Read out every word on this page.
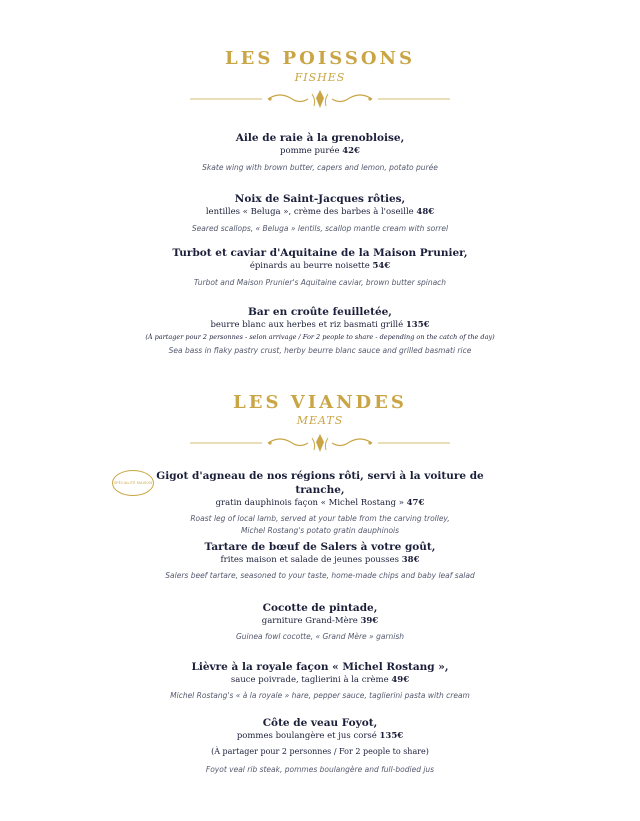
LES POISSONS
FISHES
Aile de raie à la grenobloise,
pomme purée 42€
Skate wing with brown butter, capers and lemon, potato purée
Noix de Saint-Jacques rôties,
lentilles « Beluga », crème des barbes à l'oseille 48€
Seared scallops, « Beluga » lentils, scallop mantle cream with sorrel
Turbot et caviar d'Aquitaine de la Maison Prunier,
épinards au beurre noisette 54€
Turbot and Maison Prunier's Aquitaine caviar, brown butter spinach
Bar en croûte feuilletée,
beurre blanc aux herbes et riz basmati grillé 135€
(À partager pour 2 personnes - selon arrivage / For 2 people to share - depending on the catch of the day)
Sea bass in flaky pastry crust, herby beurre blanc sauce and grilled basmati rice
LES VIANDES
MEATS
SPÉCIALITÉ MAISON
Gigot d'agneau de nos régions rôti, servi à la voiture de tranche,
gratin dauphinois façon « Michel Rostang » 47€
Roast leg of local lamb, served at your table from the carving trolley,
Michel Rostang's potato gratin dauphinois
Tartare de bœuf de Salers à votre goût,
frites maison et salade de jeunes pousses 38€
Salers beef tartare, seasoned to your taste, home-made chips and baby leaf salad
Cocotte de pintade,
garniture Grand-Mère 39€
Guinea fowl cocotte, « Grand Mère » garnish
Lièvre à la royale façon « Michel Rostang »,
sauce poivrade, taglierini à la crème 49€
Michel Rostang's « à la royale » hare, pepper sauce, taglierini pasta with cream
Côte de veau Foyot,
pommes boulangère et jus corsé 135€
(À partager pour 2 personnes / For 2 people to share)
Foyot veal rib steak, pommes boulangère and full-bodied jus
